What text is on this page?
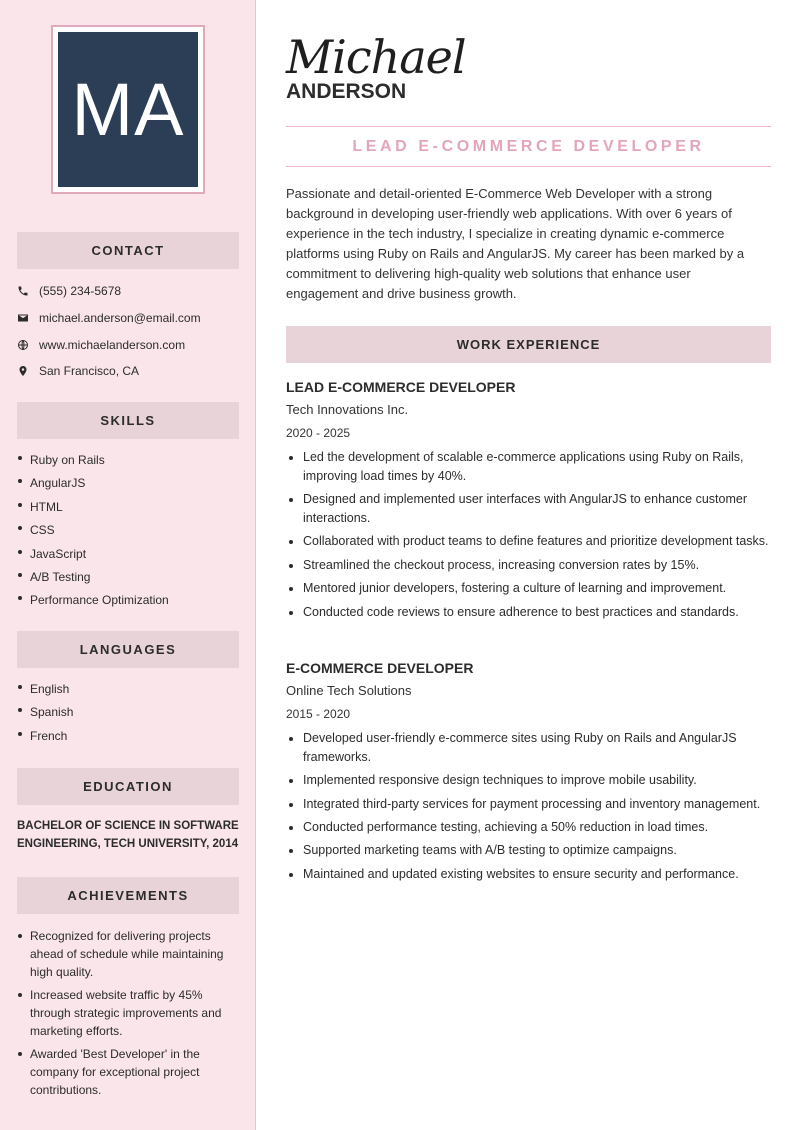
MA
CONTACT
(555) 234-5678
michael.anderson@email.com
www.michaelanderson.com
San Francisco, CA
SKILLS
Ruby on Rails
AngularJS
HTML
CSS
JavaScript
A/B Testing
Performance Optimization
LANGUAGES
English
Spanish
French
EDUCATION
BACHELOR OF SCIENCE IN SOFTWARE ENGINEERING, TECH UNIVERSITY, 2014
ACHIEVEMENTS
Recognized for delivering projects ahead of schedule while maintaining high quality.
Increased website traffic by 45% through strategic improvements and marketing efforts.
Awarded 'Best Developer' in the company for exceptional project contributions.
Michael
ANDERSON
LEAD E-COMMERCE DEVELOPER

Passionate and detail-oriented E-Commerce Web Developer with a strong background in developing user-friendly web applications. With over 6 years of experience in the tech industry, I specialize in creating dynamic e-commerce platforms using Ruby on Rails and AngularJS. My career has been marked by a commitment to delivering high-quality web solutions that enhance user engagement and drive business growth.

WORK EXPERIENCE
LEAD E-COMMERCE DEVELOPER
Tech Innovations Inc.
2020 - 2025
Led the development of scalable e-commerce applications using Ruby on Rails, improving load times by 40%.
Designed and implemented user interfaces with AngularJS to enhance customer interactions.
Collaborated with product teams to define features and prioritize development tasks.
Streamlined the checkout process, increasing conversion rates by 15%.
Mentored junior developers, fostering a culture of learning and improvement.
Conducted code reviews to ensure adherence to best practices and standards.
E-COMMERCE DEVELOPER
Online Tech Solutions
2015 - 2020
Developed user-friendly e-commerce sites using Ruby on Rails and AngularJS frameworks.
Implemented responsive design techniques to improve mobile usability.
Integrated third-party services for payment processing and inventory management.
Conducted performance testing, achieving a 50% reduction in load times.
Supported marketing teams with A/B testing to optimize campaigns.
Maintained and updated existing websites to ensure security and performance.
